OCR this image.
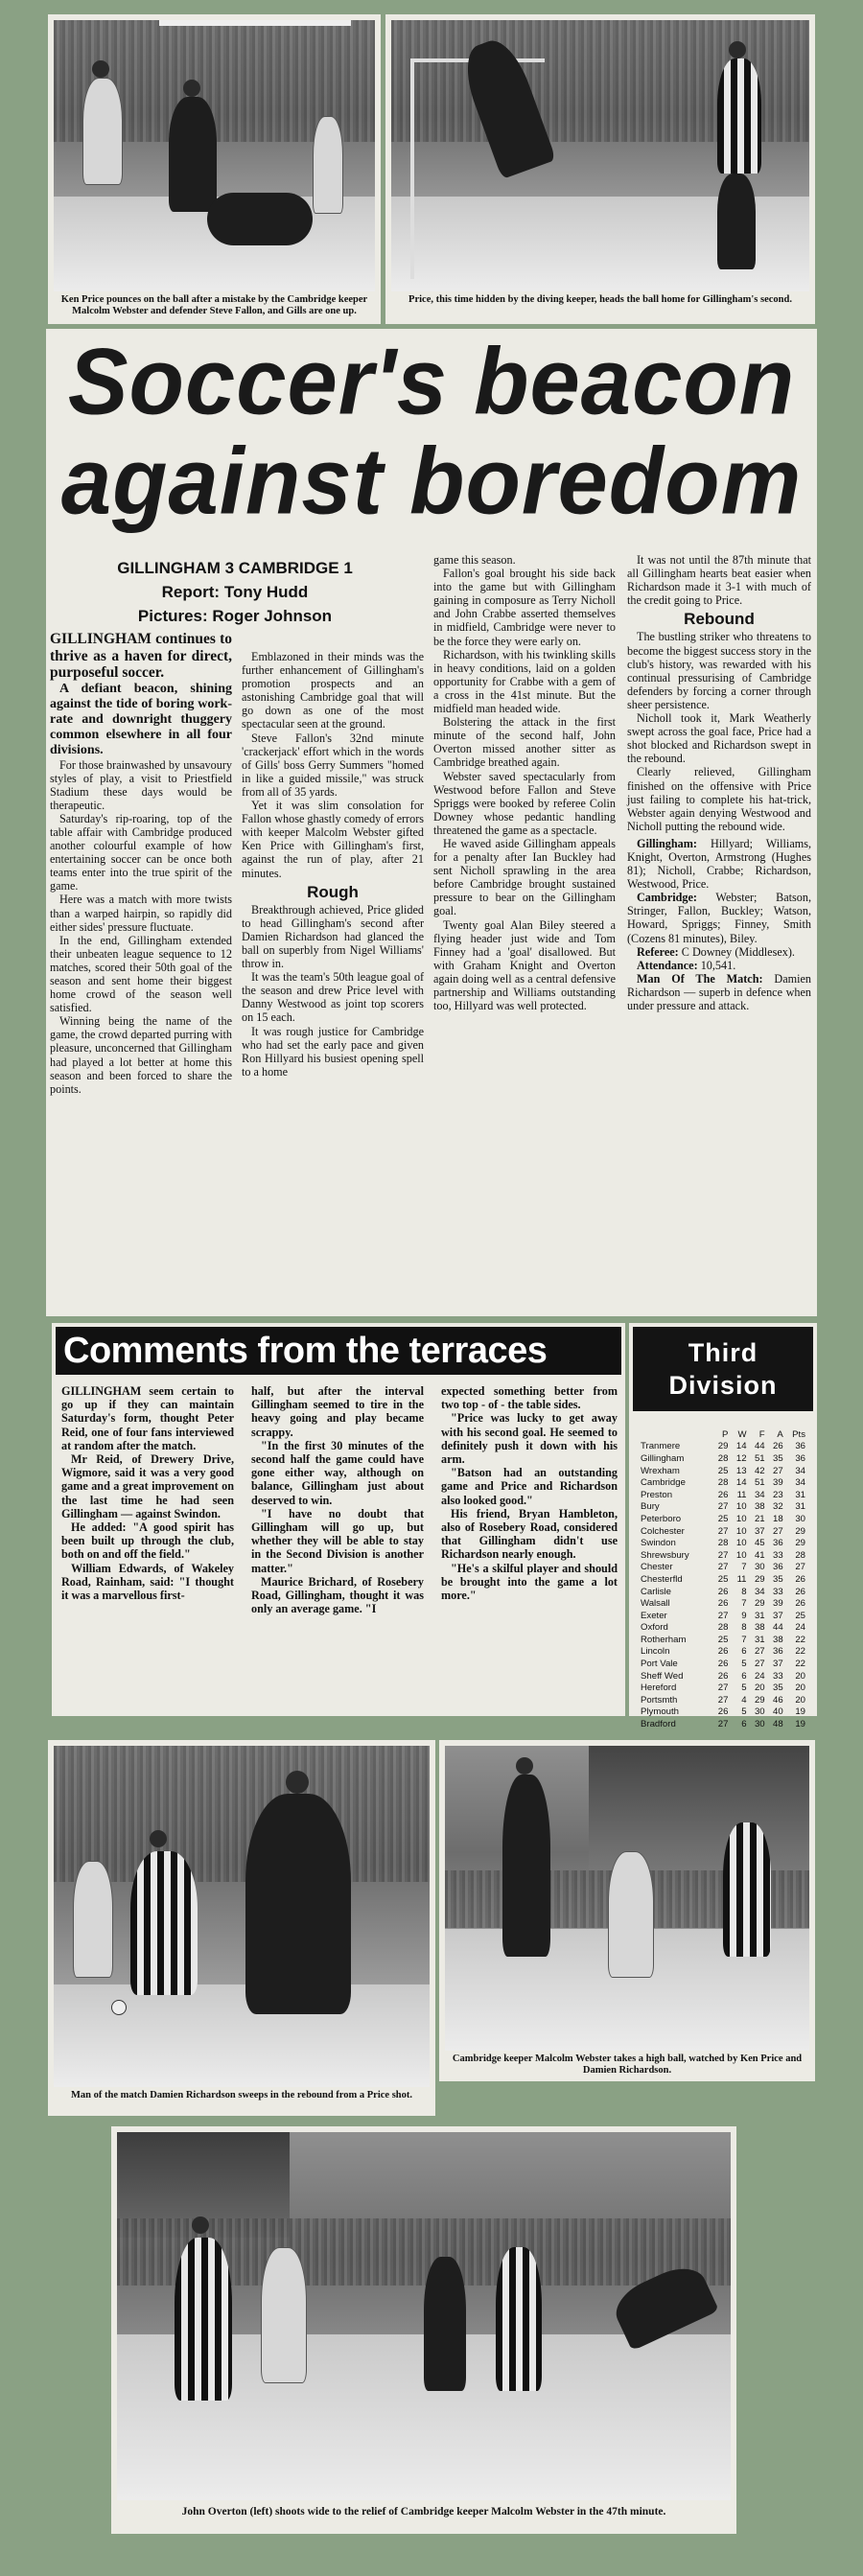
Ken Price pounces on the ball after a mistake by the Cambridge keeper Malcolm Webster and defender Steve Fallon, and Gills are one up.
Price, this time hidden by the diving keeper, heads the ball home for Gillingham's second.
Soccer's beacon
against boredom
GILLINGHAM 3 CAMBRIDGE 1
Report: Tony Hudd
Pictures: Roger Johnson

GILLINGHAM continues to thrive as a haven for direct, purposeful soccer.

A defiant beacon, shining against the tide of boring work-rate and downright thuggery common elsewhere in all four divisions.

For those brainwashed by unsavoury styles of play, a visit to Priestfield Stadium these days would be therapeutic.

Saturday's rip-roaring, top of the table affair with Cambridge produced another colourful example of how entertaining soccer can be once both teams enter into the true spirit of the game.

Here was a match with more twists than a warped hairpin, so rapidly did either sides' pressure fluctuate.

In the end, Gillingham extended their unbeaten league sequence to 12 matches, scored their 50th goal of the season and sent home their biggest home crowd of the season well satisfied.

Winning being the name of the game, the crowd departed purring with pleasure, unconcerned that Gillingham had played a lot better at home this season and been forced to share the points.

Emblazoned in their minds was the further enhancement of Gillingham's promotion prospects and an astonishing Cambridge goal that will go down as one of the most spectacular seen at the ground.

Steve Fallon's 32nd minute 'crackerjack' effort which in the words of Gills' boss Gerry Summers "homed in like a guided missile," was struck from all of 35 yards.

Yet it was slim consolation for Fallon whose ghastly comedy of errors with keeper Malcolm Webster gifted Ken Price with Gillingham's first, against the run of play, after 21 minutes.

Rough

Breakthrough achieved, Price glided to head Gillingham's second after Damien Richardson had glanced the ball on superbly from Nigel Williams' throw in.

It was the team's 50th league goal of the season and drew Price level with Danny Westwood as joint top scorers on 15 each.

It was rough justice for Cambridge who had set the early pace and given Ron Hillyard his busiest opening spell to a home

game this season.

Fallon's goal brought his side back into the game but with Gillingham gaining in composure as Terry Nicholl and John Crabbe asserted themselves in midfield, Cambridge were never to be the force they were early on.

Richardson, with his twinkling skills in heavy conditions, laid on a golden opportunity for Crabbe with a gem of a cross in the 41st minute. But the midfield man headed wide.

Bolstering the attack in the first minute of the second half, John Overton missed another sitter as Cambridge breathed again.

Webster saved spectacularly from Westwood before Fallon and Steve Spriggs were booked by referee Colin Downey whose pedantic handling threatened the game as a spectacle.

He waved aside Gillingham appeals for a penalty after Ian Buckley had sent Nicholl sprawling in the area before Cambridge brought sustained pressure to bear on the Gillingham goal.

Twenty goal Alan Biley steered a flying header just wide and Tom Finney had a 'goal' disallowed. But with Graham Knight and Overton again doing well as a central defensive partnership and Williams outstanding too, Hillyard was well protected.

It was not until the 87th minute that all Gillingham hearts beat easier when Richardson made it 3-1 with much of the credit going to Price.

Rebound

The bustling striker who threatens to become the biggest success story in the club's history, was rewarded with his continual pressurising of Cambridge defenders by forcing a corner through sheer persistence.

Nicholl took it, Mark Weatherly swept across the goal face, Price had a shot blocked and Richardson swept in the rebound.

Clearly relieved, Gillingham finished on the offensive with Price just failing to complete his hat-trick, Webster again denying Westwood and Nicholl putting the rebound wide.

Gillingham: Hillyard; Williams, Knight, Overton, Armstrong (Hughes 81); Nicholl, Crabbe; Richardson, Westwood, Price.

Cambridge: Webster; Batson, Stringer, Fallon, Buckley; Watson, Howard, Spriggs; Finney, Smith (Cozens 81 minutes), Biley.

Referee: C Downey (Middlesex).

Attendance: 10,541.

Man Of The Match: Damien Richardson — superb in defence when under pressure and attack.

Comments from the terraces

GILLINGHAM seem certain to go up if they can maintain Saturday's form, thought Peter Reid, one of four fans interviewed at random after the match.

Mr Reid, of Drewery Drive, Wigmore, said it was a very good game and a great improvement on the last time he had seen Gillingham — against Swindon.

He added: "A good spirit has been built up through the club, both on and off the field."

William Edwards, of Wakeley Road, Rainham, said: "I thought it was a marvellous first-

half, but after the interval Gillingham seemed to tire in the heavy going and play became scrappy.

"In the first 30 minutes of the second half the game could have gone either way, although on balance, Gillingham just about deserved to win.

"I have no doubt that Gillingham will go up, but whether they will be able to stay in the Second Division is another matter."

Maurice Brichard, of Rosebery Road, Gillingham, thought it was only an average game. "I

expected something better from two top - of - the table sides.

"Price was lucky to get away with his second goal. He seemed to definitely push it down with his arm.

"Batson had an outstanding game and Price and Richardson also looked good."

His friend, Bryan Hambleton, also of Rosebery Road, considered that Gillingham didn't use Richardson nearly enough.

"He's a skilful player and should be brought into the game a lot more."

Third
Division
	P	W	F	A	Pts
Tranmere	29	14	44	26	36
Gillingham	28	12	51	35	36
Wrexham	25	13	42	27	34
Cambridge	28	14	51	39	34
Preston	26	11	34	23	31
Bury	27	10	38	32	31
Peterboro	25	10	21	18	30
Colchester	27	10	37	27	29
Swindon	28	10	45	36	29
Shrewsbury	27	10	41	33	28
Chester	27	7	30	36	27
Chesterfld	25	11	29	35	26
Carlisle	26	8	34	33	26
Walsall	26	7	29	39	26
Exeter	27	9	31	37	25
Oxford	28	8	38	44	24
Rotherham	25	7	31	38	22
Lincoln	26	6	27	36	22
Port Vale	26	5	27	37	22
Sheff Wed	26	6	24	33	20
Hereford	27	5	20	35	20
Portsmth	27	4	29	46	20
Plymouth	26	5	30	40	19
Bradford	27	6	30	48	19
Man of the match Damien Richardson sweeps in the rebound from a Price shot.
Cambridge keeper Malcolm Webster takes a high ball, watched by Ken Price and Damien Richardson.
John Overton (left) shoots wide to the relief of Cambridge keeper Malcolm Webster in the 47th minute.
